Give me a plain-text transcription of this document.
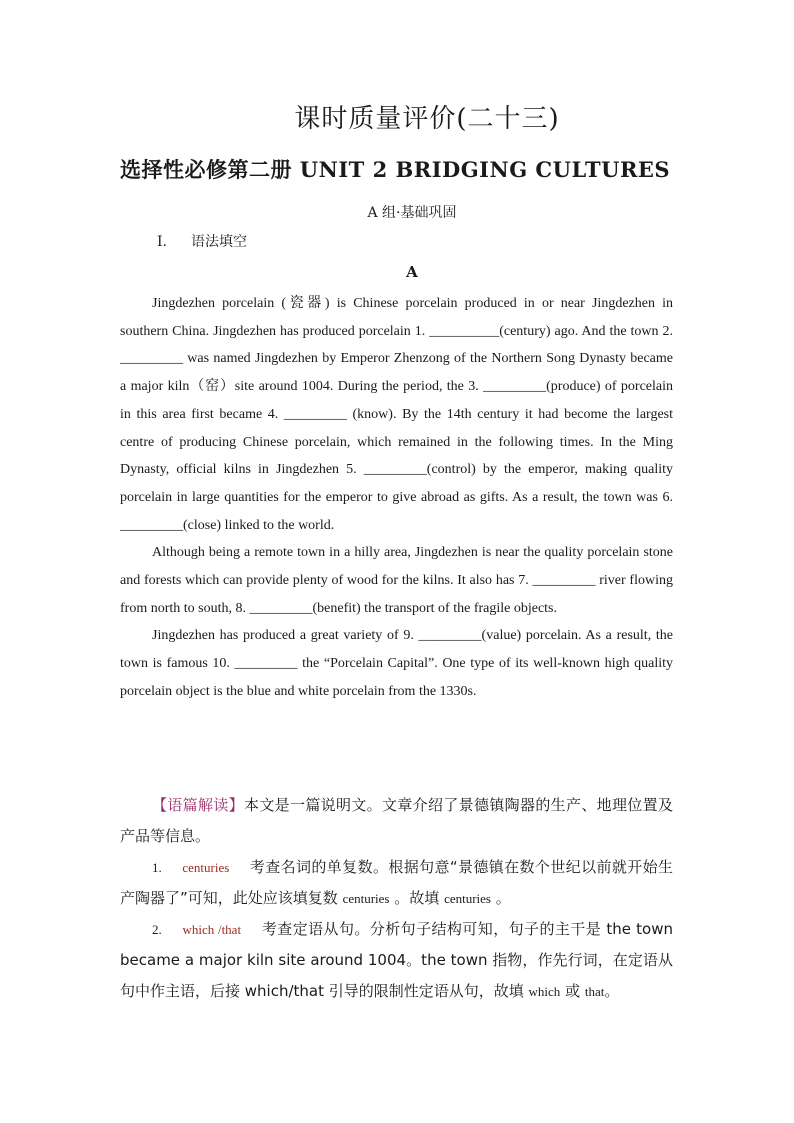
课时质量评价(二十三)
选择性必修第二册 UNIT 2 BRIDGING CULTURES
A 组·基础巩固
Ⅰ. 语法填空
A

Jingdezhen porcelain (瓷器) is Chinese porcelain produced in or near Jingdezhen in southern China. Jingdezhen has produced porcelain 1. __________(century) ago. And the town 2. _________ was named Jingdezhen by Emperor Zhenzong of the Northern Song Dynasty became a major kiln（窑）site around 1004. During the period, the 3. _________(produce) of porcelain in this area first became 4. _________ (know). By the 14th century it had become the largest centre of producing Chinese porcelain, which remained in the following times. In the Ming Dynasty, official kilns in Jingdezhen 5. _________(control) by the emperor, making quality porcelain in large quantities for the emperor to give abroad as gifts. As a result, the town was 6. _________(close) linked to the world.

Although being a remote town in a hilly area, Jingdezhen is near the quality porcelain stone and forests which can provide plenty of wood for the kilns. It also has 7. _________ river flowing from north to south, 8. _________(benefit) the transport of the fragile objects.

Jingdezhen has produced a great variety of 9. _________(value) porcelain. As a result, the town is famous 10. _________ the “Porcelain Capital”. One type of its well-known high quality porcelain object is the blue and white porcelain from the 1330s.

【语篇解读】本文是一篇说明文。文章介绍了景德镇陶器的生产、地理位置及产品等信息。

1. centuries 考查名词的单复数。根据句意“景德镇在数个世纪以前就开始生产陶器了”可知，此处应该填复数 centuries 。故填 centuries 。

2. which /that 考查定语从句。分析句子结构可知，句子的主干是 the town became a major kiln site around 1004。the town 指物，作先行词，在定语从句中作主语，后接 which/that 引导的限制性定语从句，故填 which 或 that。
